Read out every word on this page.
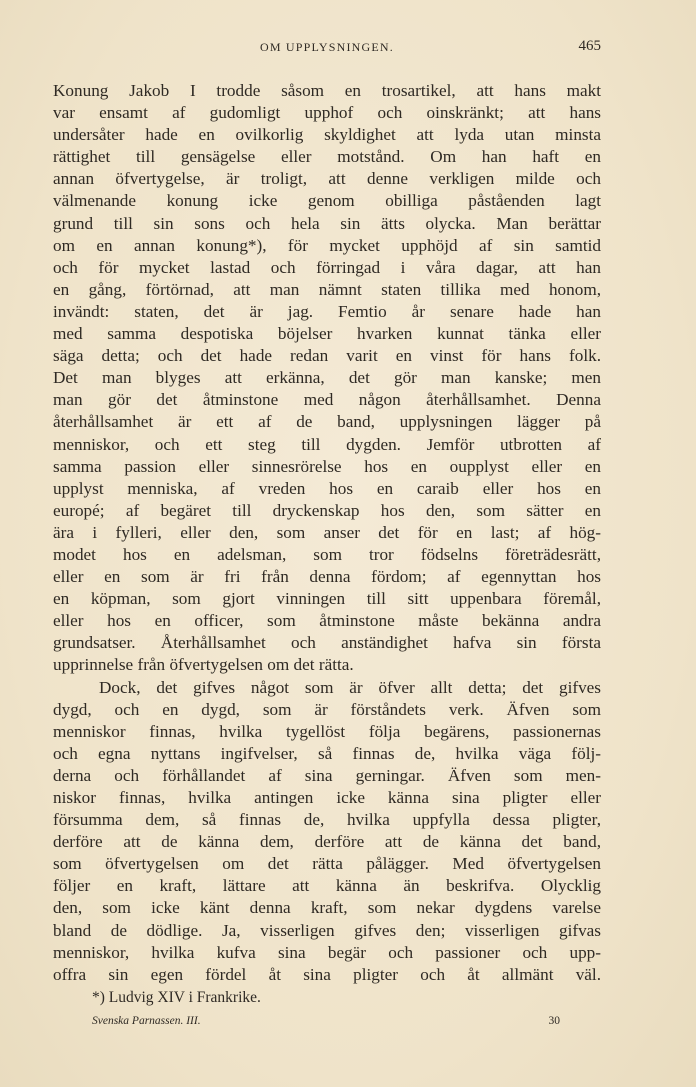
OM UPPLYSNINGEN.	465
Konung Jakob I trodde såsom en trosartikel, att hans makt
var ensamt af gudomligt upphof och oinskränkt; att hans
undersåter hade en ovilkorlig skyldighet att lyda utan minsta
rättighet till gensägelse eller motstånd. Om han haft en
annan öfvertygelse, är troligt, att denne verkligen milde och
välmenande konung icke genom obilliga påståenden lagt
grund till sin sons och hela sin ätts olycka. Man berättar
om en annan konung*), för mycket upphöjd af sin samtid
och för mycket lastad och förringad i våra dagar, att han
en gång, förtörnad, att man nämnt staten tillika med honom,
invändt: staten, det är jag. Femtio år senare hade han
med samma despotiska böjelser hvarken kunnat tänka eller
säga detta; och det hade redan varit en vinst för hans folk.
Det man blyges att erkänna, det gör man kanske; men
man gör det åtminstone med någon återhållsamhet. Denna
återhållsamhet är ett af de band, upplysningen lägger på
menniskor, och ett steg till dygden. Jemför utbrotten af
samma passion eller sinnesrörelse hos en oupplyst eller en
upplyst menniska, af vreden hos en caraib eller hos en
europé; af begäret till dryckenskap hos den, som sätter en
ära i fylleri, eller den, som anser det för en last; af hög-
modet hos en adelsman, som tror födselns företrädesrätt,
eller en som är fri från denna fördom; af egennyttan hos
en köpman, som gjort vinningen till sitt uppenbara föremål,
eller hos en officer, som åtminstone måste bekänna andra
grundsatser. Återhållsamhet och anständighet hafva sin första
upprinnelse från öfvertygelsen om det rätta.
Dock, det gifves något som är öfver allt detta; det gifves
dygd, och en dygd, som är förståndets verk. Äfven som
menniskor finnas, hvilka tygellöst följa begärens, passionernas
och egna nyttans ingifvelser, så finnas de, hvilka väga följ-
derna och förhållandet af sina gerningar. Äfven som men-
niskor finnas, hvilka antingen icke känna sina pligter eller
försumma dem, så finnas de, hvilka uppfylla dessa pligter,
derföre att de känna dem, derföre att de känna det band,
som öfvertygelsen om det rätta pålägger. Med öfvertygelsen
följer en kraft, lättare att känna än beskrifva. Olycklig
den, som icke känt denna kraft, som nekar dygdens varelse
bland de dödlige. Ja, visserligen gifves den; visserligen gifvas
menniskor, hvilka kufva sina begär och passioner och upp-
offra sin egen fördel åt sina pligter och åt allmänt väl.
*) Ludvig XIV i Frankrike.
Svenska Parnassen. III.	30
